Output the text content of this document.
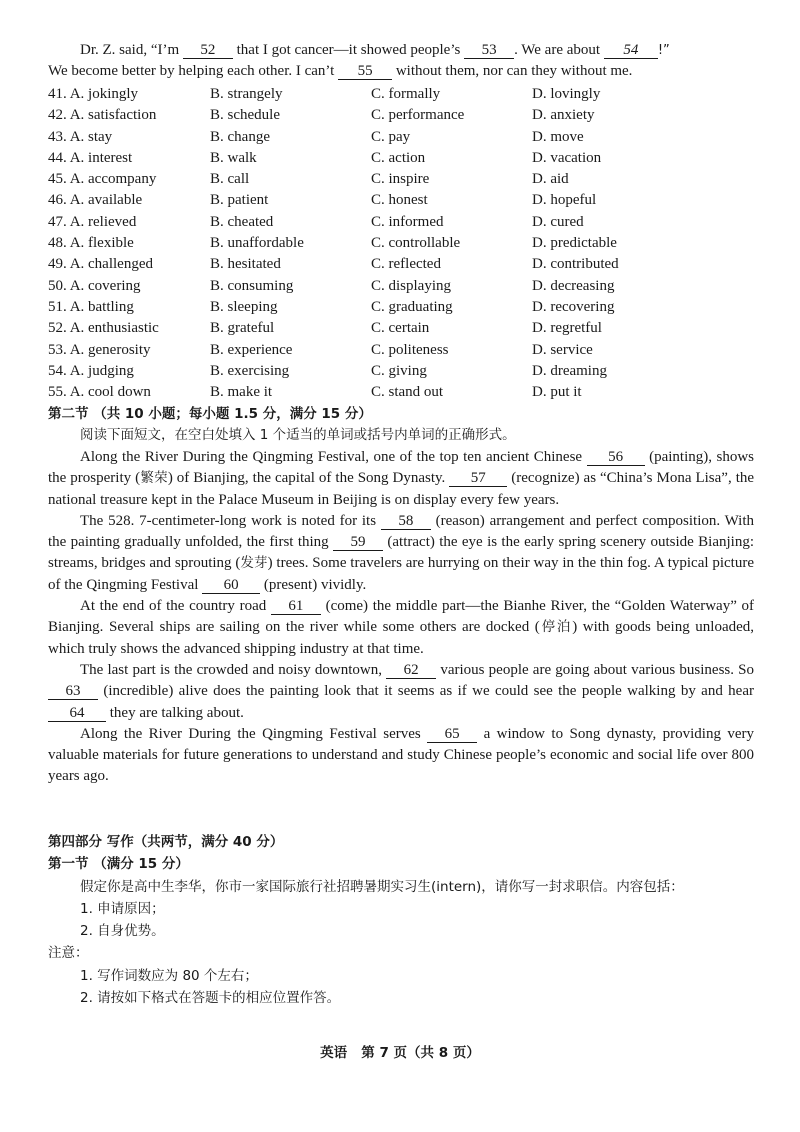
Dr. Z. said, “I’m 52 that I got cancer—it showed people’s 53 . We are about 54 !”

We become better by helping each other. I can’t 55 without them, nor can they without me.

41. A. jokingly	B. strangely	C. formally	D. lovingly
42. A. satisfaction	B. schedule	C. performance	D. anxiety
43. A. stay	B. change	C. pay	D. move
44. A. interest	B. walk	C. action	D. vacation
45. A. accompany	B. call	C. inspire	D. aid
46. A. available	B. patient	C. honest	D. hopeful
47. A. relieved	B. cheated	C. informed	D. cured
48. A. flexible	B. unaffordable	C. controllable	D. predictable
49. A. challenged	B. hesitated	C. reflected	D. contributed
50. A. covering	B. consuming	C. displaying	D. decreasing
51. A. battling	B. sleeping	C. graduating	D. recovering
52. A. enthusiastic	B. grateful	C. certain	D. regretful
53. A. generosity	B. experience	C. politeness	D. service
54. A. judging	B. exercising	C. giving	D. dreaming
55. A. cool down	B. make it	C. stand out	D. put it

第二节 （共 10 小题；每小题 1.5 分，满分 15 分）

阅读下面短文，在空白处填入 1 个适当的单词或括号内单词的正确形式。

Along the River During the Qingming Festival, one of the top ten ancient Chinese 56 (painting), shows the prosperity (繁荣) of Bianjing, the capital of the Song Dynasty. 57 (recognize) as “China’s Mona Lisa”, the national treasure kept in the Palace Museum in Beijing is on display every few years.

The 528. 7-centimeter-long work is noted for its 58 (reason) arrangement and perfect composition. With the painting gradually unfolded, the first thing 59 (attract) the eye is the early spring scenery outside Bianjing: streams, bridges and sprouting (发芽) trees. Some travelers are hurrying on their way in the thin fog. A typical picture of the Qingming Festival 60 (present) vividly.

At the end of the country road 61 (come) the middle part—the Bianhe River, the “Golden Waterway” of Bianjing. Several ships are sailing on the river while some others are docked (停泊) with goods being unloaded, which truly shows the advanced shipping industry at that time.

The last part is the crowded and noisy downtown, 62 various people are going about various business. So 63 (incredible) alive does the painting look that it seems as if we could see the people walking by and hear 64 they are talking about.

Along the River During the Qingming Festival serves 65 a window to Song dynasty, providing very valuable materials for future generations to understand and study Chinese people’s economic and social life over 800 years ago.

第四部分 写作（共两节，满分 40 分）

第一节 （满分 15 分）

假定你是高中生李华，你市一家国际旅行社招聘暑期实习生(intern)，请你写一封求职信。内容包括：

1. 申请原因；

2. 自身优势。

注意：

1. 写作词数应为 80 个左右；

2. 请按如下格式在答题卡的相应位置作答。

英语 第 7 页（共 8 页）
